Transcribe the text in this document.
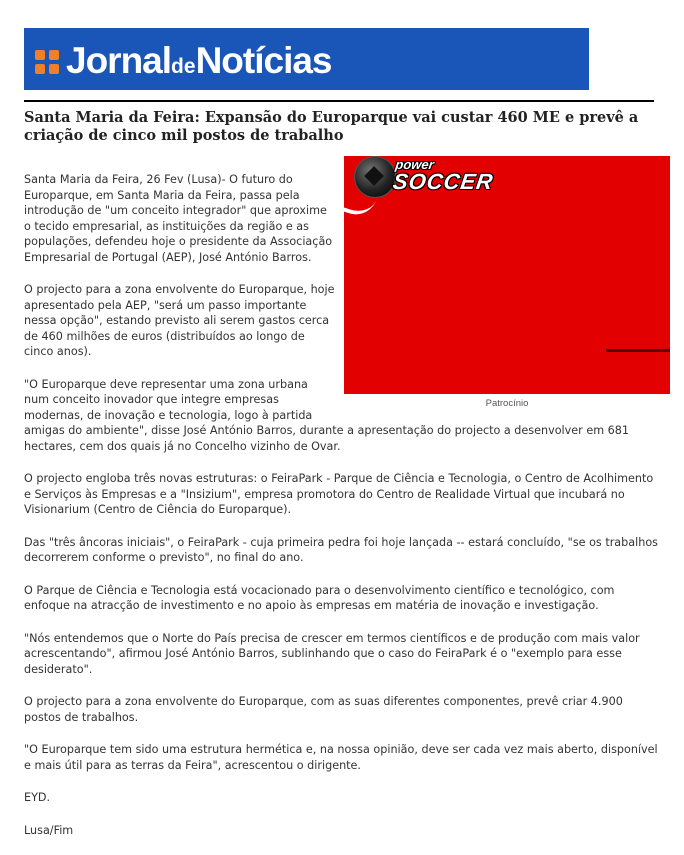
JornaldeNotícias
Santa Maria da Feira: Expansão do Europarque vai custar 460 ME e prevê a criação de cinco mil postos de trabalho
power
SOCCER
Patrocínio

Santa Maria da Feira, 26 Fev (Lusa)- O futuro do Europarque, em Santa Maria da Feira, passa pela introdução de "um conceito integrador" que aproxime o tecido empresarial, as instituições da região e as populações, defendeu hoje o presidente da Associação Empresarial de Portugal (AEP), José António Barros.

O projecto para a zona envolvente do Europarque, hoje apresentado pela AEP, "será um passo importante nessa opção", estando previsto ali serem gastos cerca de 460 milhões de euros (distribuídos ao longo de cinco anos).

"O Europarque deve representar uma zona urbana num conceito inovador que integre empresas modernas, de inovação e tecnologia, logo à partida amigas do ambiente", disse José António Barros, durante a apresentação do projecto a desenvolver em 681 hectares, cem dos quais já no Concelho vizinho de Ovar.

O projecto engloba três novas estruturas: o FeiraPark - Parque de Ciência e Tecnologia, o Centro de Acolhimento e Serviços às Empresas e a "Insizium", empresa promotora do Centro de Realidade Virtual que incubará no Visionarium (Centro de Ciência do Europarque).

Das "três âncoras iniciais", o FeiraPark - cuja primeira pedra foi hoje lançada -- estará concluído, "se os trabalhos decorrerem conforme o previsto", no final do ano.

O Parque de Ciência e Tecnologia está vocacionado para o desenvolvimento científico e tecnológico, com enfoque na atracção de investimento e no apoio às empresas em matéria de inovação e investigação.

"Nós entendemos que o Norte do País precisa de crescer em termos científicos e de produção com mais valor acrescentando", afirmou José António Barros, sublinhando que o caso do FeiraPark é o "exemplo para esse desiderato".

O projecto para a zona envolvente do Europarque, com as suas diferentes componentes, prevê criar 4.900 postos de trabalhos.

"O Europarque tem sido uma estrutura hermética e, na nossa opinião, deve ser cada vez mais aberto, disponível e mais útil para as terras da Feira", acrescentou o dirigente.

EYD.

Lusa/Fim
